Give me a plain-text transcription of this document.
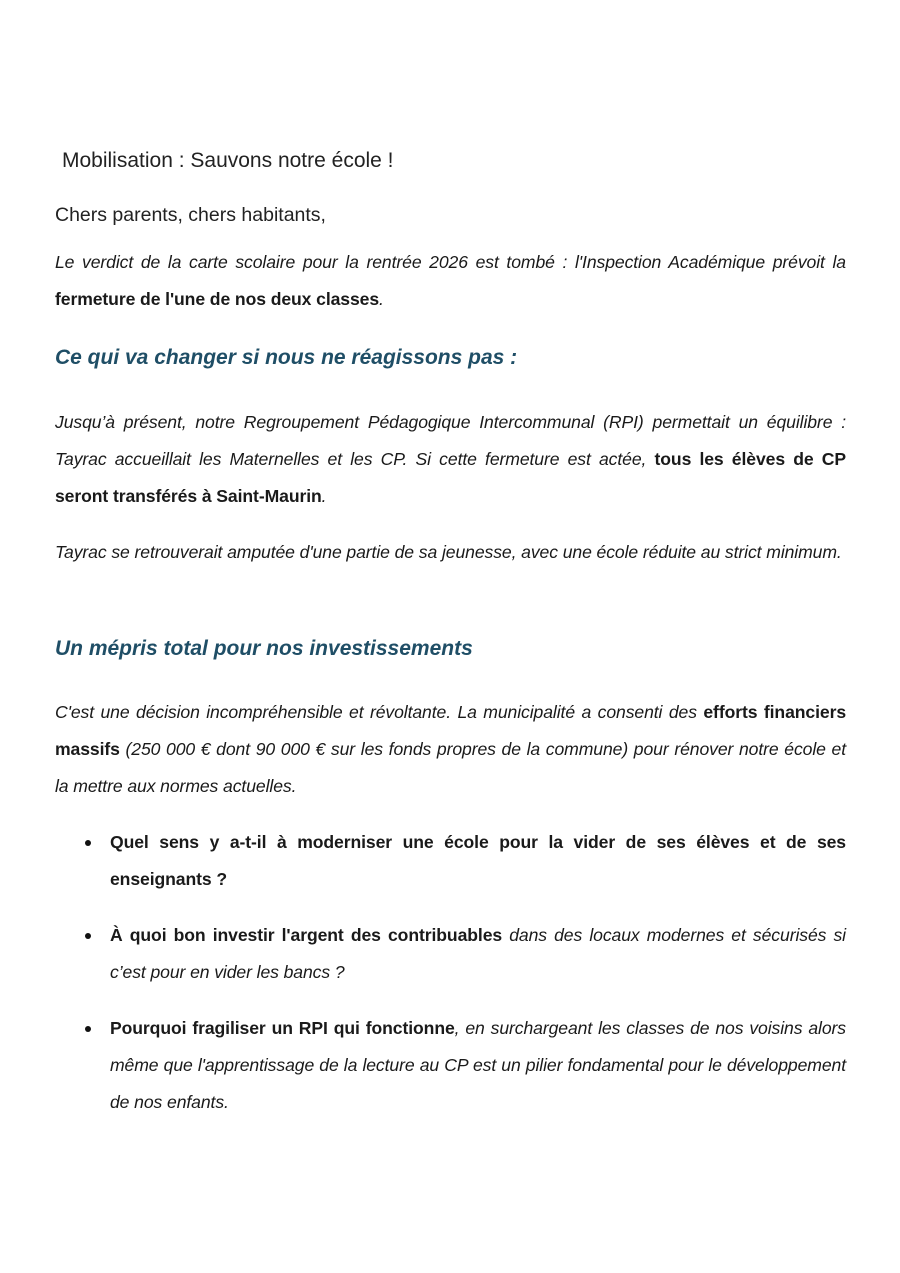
Mobilisation : Sauvons notre école !
Chers parents, chers habitants,

Le verdict de la carte scolaire pour la rentrée 2026 est tombé : l'Inspection Académique prévoit la fermeture de l'une de nos deux classes.

Ce qui va changer si nous ne réagissons pas :

Jusqu’à présent, notre Regroupement Pédagogique Intercommunal (RPI) permettait un équilibre : Tayrac accueillait les Maternelles et les CP. Si cette fermeture est actée, tous les élèves de CP seront transférés à Saint-Maurin.

Tayrac se retrouverait amputée d'une partie de sa jeunesse, avec une école réduite au strict minimum.

Un mépris total pour nos investissements

C'est une décision incompréhensible et révoltante. La municipalité a consenti des efforts financiers massifs (250 000 € dont 90 000 € sur les fonds propres de la commune) pour rénover notre école et la mettre aux normes actuelles.

Quel sens y a-t-il à moderniser une école pour la vider de ses élèves et de ses enseignants ?
À quoi bon investir l'argent des contribuables dans des locaux modernes et sécurisés si c’est pour en vider les bancs ?
Pourquoi fragiliser un RPI qui fonctionne, en surchargeant les classes de nos voisins alors même que l'apprentissage de la lecture au CP est un pilier fondamental pour le développement de nos enfants.
